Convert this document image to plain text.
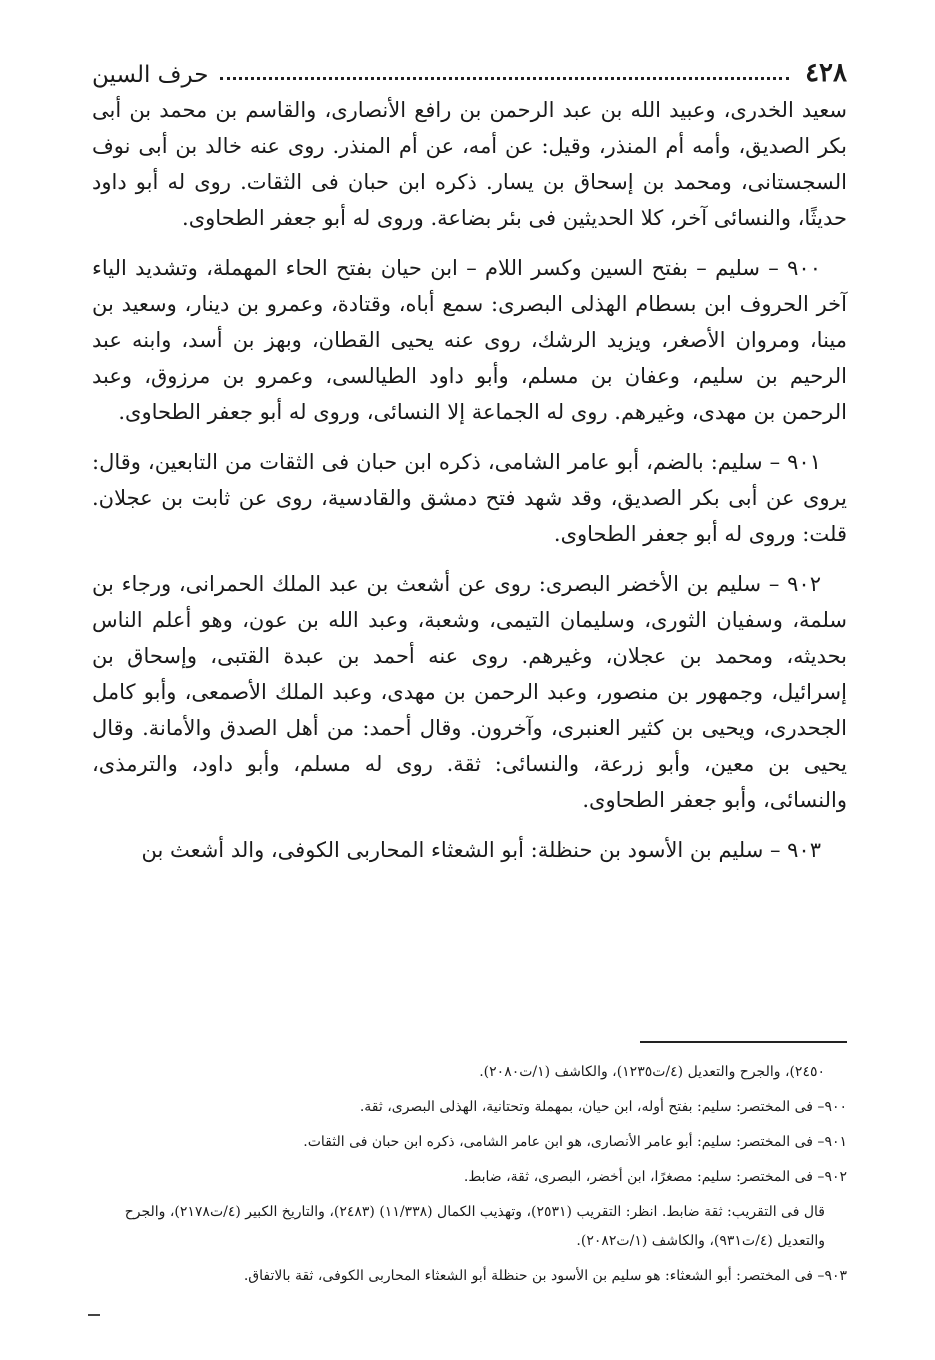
٤٢٨
حرف السين

سعيد الخدرى، وعبيد الله بن عبد الرحمن بن رافع الأنصارى، والقاسم بن محمد بن أبى بكر الصديق، وأمه أم المنذر، وقيل: عن أمه، عن أم المنذر. روى عنه خالد بن أبى نوف السجستانى، ومحمد بن إسحاق بن يسار. ذكره ابن حبان فى الثقات. روى له أبو داود حديثًا، والنسائى آخر، كلا الحديثين فى بئر بضاعة. وروى له أبو جعفر الطحاوى.

٩٠٠ – سليم – بفتح السين وكسر اللام – ابن حيان بفتح الحاء المهملة، وتشديد الياء آخر الحروف ابن بسطام الهذلى البصرى: سمع أباه، وقتادة، وعمرو بن دينار، وسعيد بن مينا، ومروان الأصغر، ويزيد الرشك، روى عنه يحيى القطان، وبهز بن أسد، وابنه عبد الرحيم بن سليم، وعفان بن مسلم، وأبو داود الطيالسى، وعمرو بن مرزوق، وعبد الرحمن بن مهدى، وغيرهم. روى له الجماعة إلا النسائى، وروى له أبو جعفر الطحاوى.

٩٠١ – سليم: بالضم، أبو عامر الشامى، ذكره ابن حبان فى الثقات من التابعين، وقال: يروى عن أبى بكر الصديق، وقد شهد فتح دمشق والقادسية، روى عن ثابت بن عجلان. قلت: وروى له أبو جعفر الطحاوى.

٩٠٢ – سليم بن الأخضر البصرى: روى عن أشعث بن عبد الملك الحمرانى، ورجاء بن سلمة، وسفيان الثورى، وسليمان التيمى، وشعبة، وعبد الله بن عون، وهو أعلم الناس بحديثه، ومحمد بن عجلان، وغيرهم. روى عنه أحمد بن عبدة القتبى، وإسحاق بن إسرائيل، وجمهور بن منصور، وعبد الرحمن بن مهدى، وعبد الملك الأصمعى، وأبو كامل الجحدرى، ويحيى بن كثير العنبرى، وآخرون. وقال أحمد: من أهل الصدق والأمانة. وقال يحيى بن معين، وأبو زرعة، والنسائى: ثقة. روى له مسلم، وأبو داود، والترمذى، والنسائى، وأبو جعفر الطحاوى.

٩٠٣ – سليم بن الأسود بن حنظلة: أبو الشعثاء المحاربى الكوفى، والد أشعث بن

٢٤٥٠)، والجرح والتعديل (٤/ت١٢٣٥)، والكاشف (١/ت٢٠٨٠).

٩٠٠– فى المختصر: سليم: بفتح أوله، ابن حيان، بمهملة وتحتانية، الهذلى البصرى، ثقة.

٩٠١– فى المختصر: سليم: أبو عامر الأنصارى، هو ابن عامر الشامى، ذكره ابن حبان فى الثقات.

٩٠٢– فى المختصر: سليم: مصغرًا، ابن أخضر، البصرى، ثقة، ضابط.

قال فى التقريب: ثقة ضابط. انظر: التقريب (٢٥٣١)، وتهذيب الكمال (١١/٣٣٨) (٢٤٨٣)، والتاريخ الكبير (٤/ت٢١٧٨)، والجرح والتعديل (٤/ت٩٣١)، والكاشف (١/ت٢٠٨٢).

٩٠٣– فى المختصر: أبو الشعثاء: هو سليم بن الأسود بن حنظلة أبو الشعثاء المحاربى الكوفى، ثقة بالاتفاق.
